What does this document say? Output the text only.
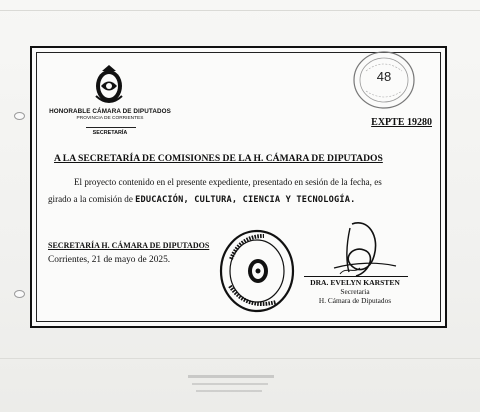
HONORABLE CÁMARA DE DIPUTADOS
PROVINCIA DE CORRIENTES
SECRETARÍA
48
EXPTE 19280
A LA SECRETARÍA DE COMISIONES DE LA H. CÁMARA DE DIPUTADOS
El proyecto contenido en el presente expediente, presentado en sesión de la fecha, es
girado a la comisión de EDUCACIÓN, CULTURA, CIENCIA Y TECNOLOGÍA.
SECRETARÍA H. CÁMARA DE DIPUTADOS
Corrientes, 21 de mayo de 2025.
DRA. EVELYN KARSTEN
Secretaria
H. Cámara de Diputados
